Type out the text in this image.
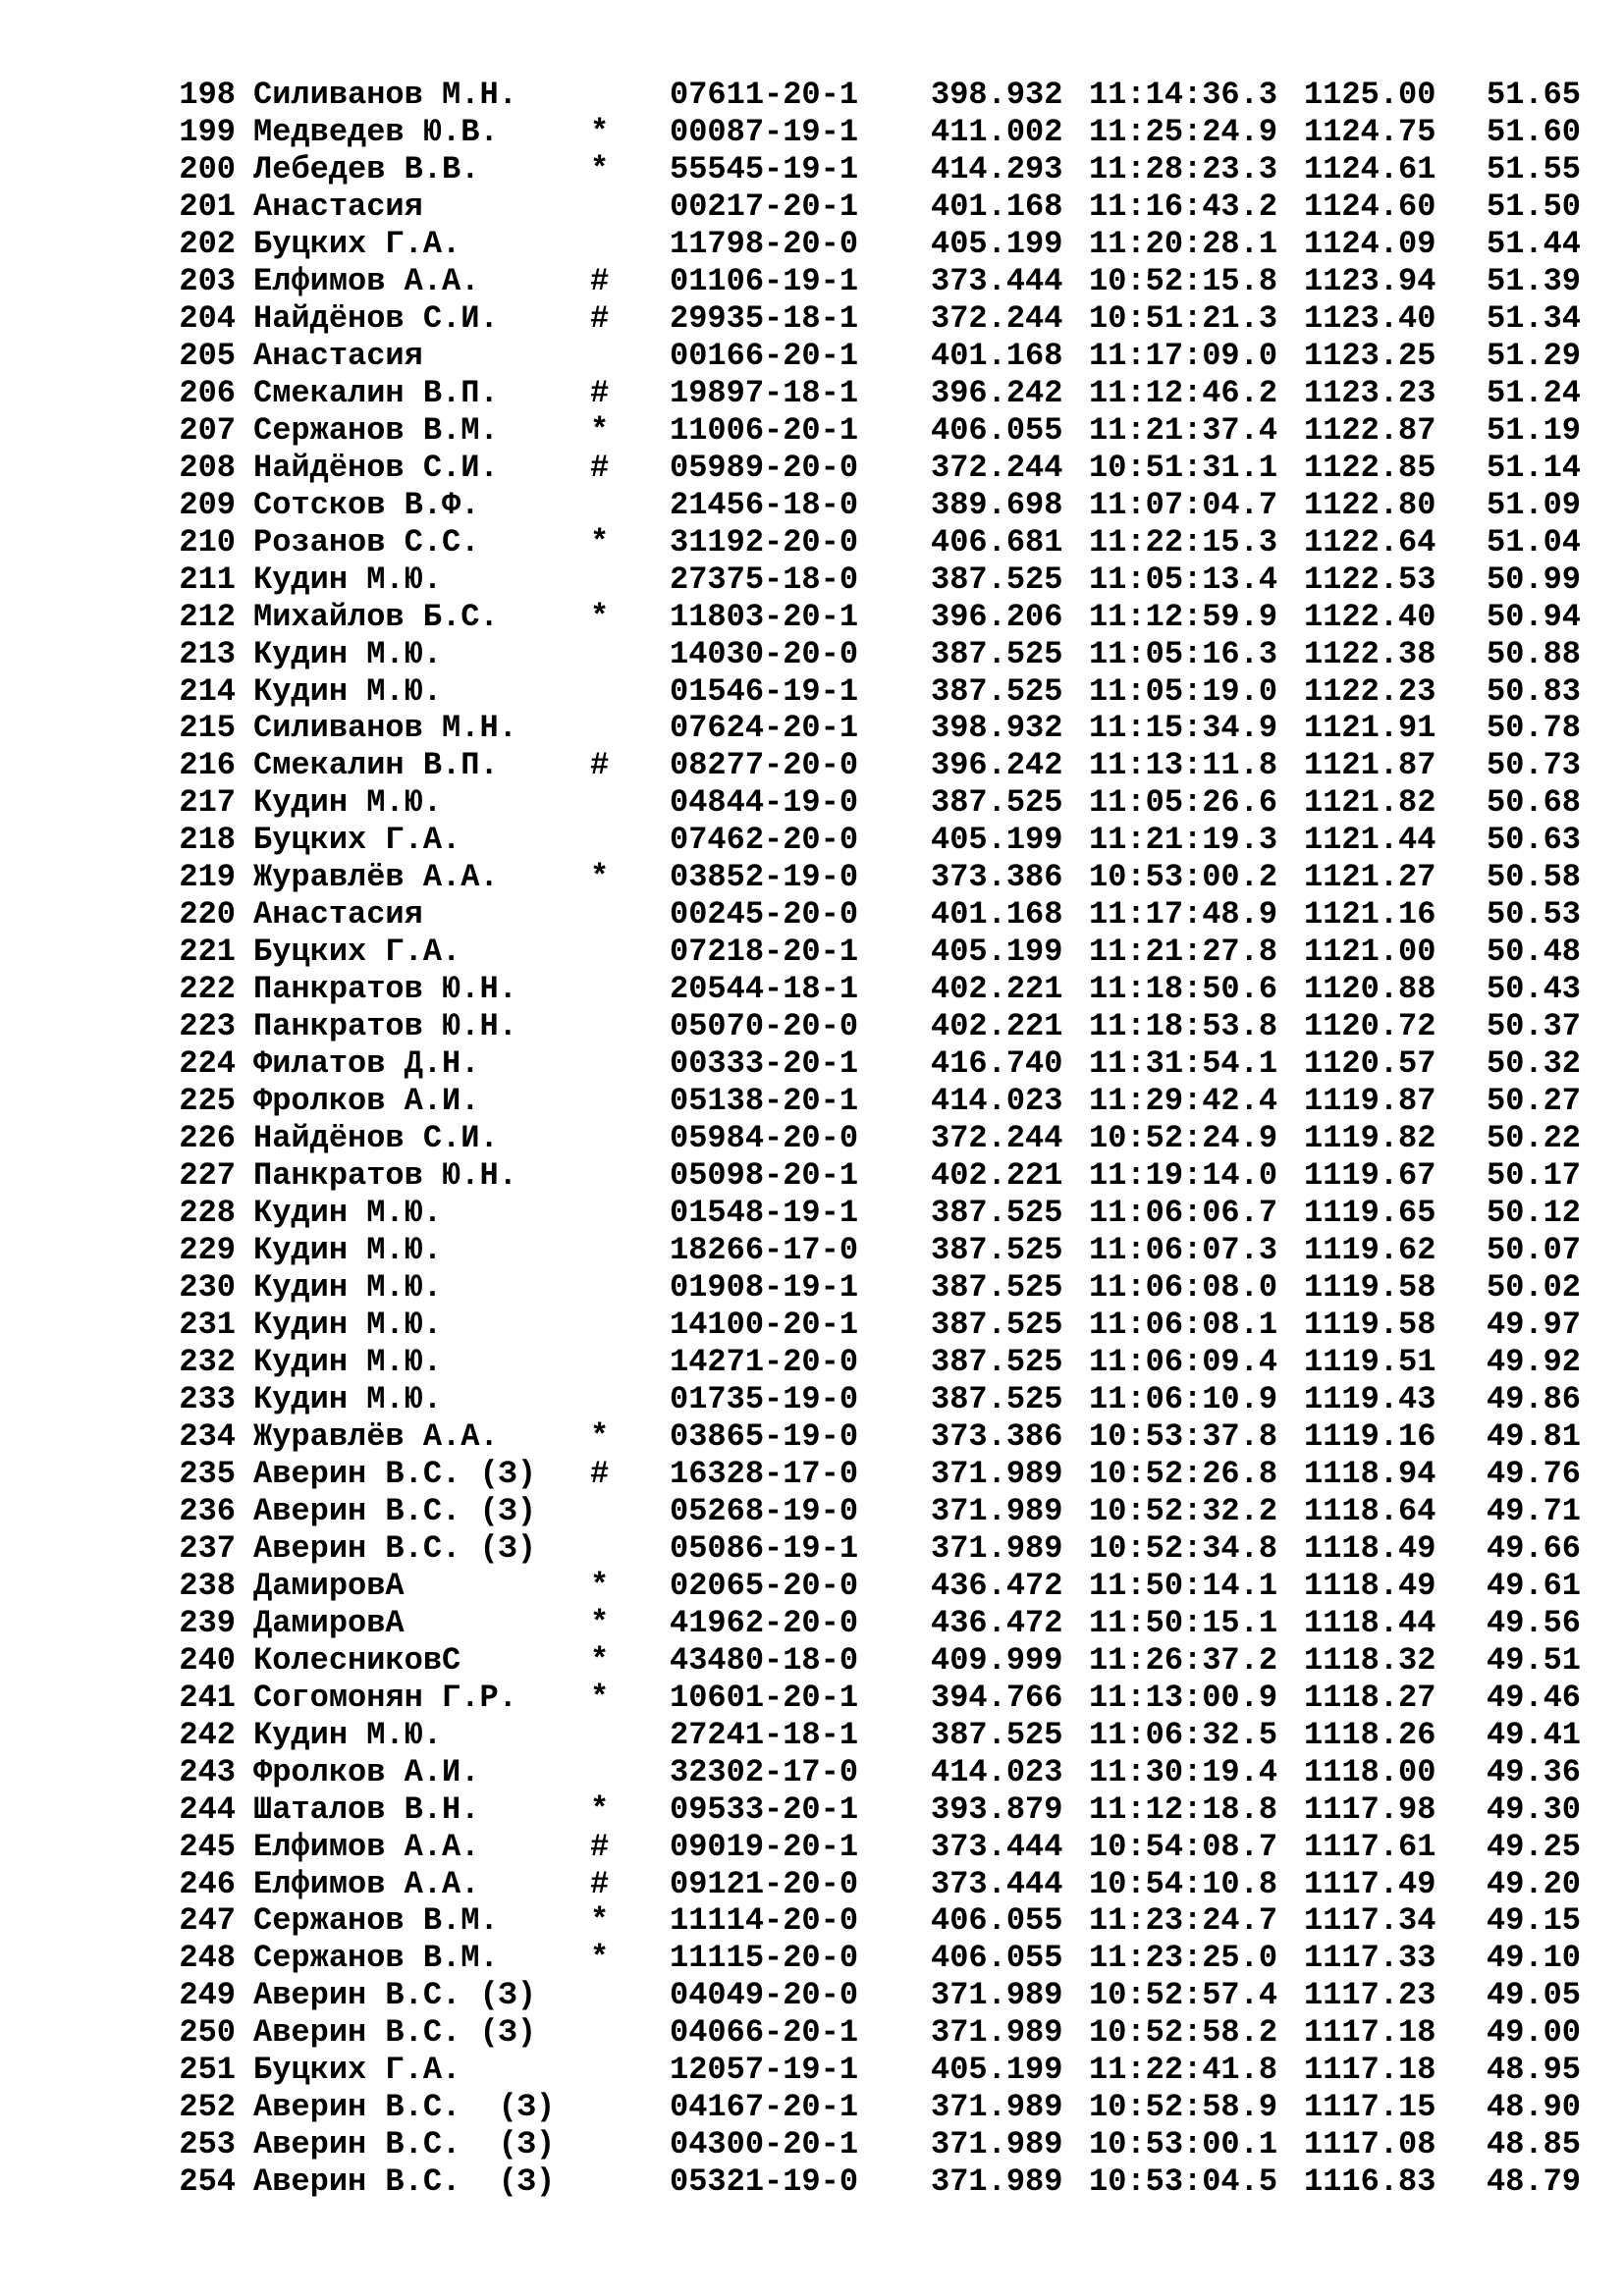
198 Силиванов М.Н.	07611-20-1 398.932 11:14:36.3 1125.00 51.65
199 Медведев Ю.В.	* 00087-19-1 411.002 11:25:24.9 1124.75 51.60
200 Лебедев В.В.	* 55545-19-1 414.293 11:28:23.3 1124.61 51.55
201 Анастасия	00217-20-1 401.168 11:16:43.2 1124.60 51.50
202 Буцких Г.А.	11798-20-0 405.199 11:20:28.1 1124.09 51.44
203 Елфимов А.А.	# 01106-19-1 373.444 10:52:15.8 1123.94 51.39
204 Найдёнов С.И.	# 29935-18-1 372.244 10:51:21.3 1123.40 51.34
205 Анастасия	00166-20-1 401.168 11:17:09.0 1123.25 51.29
206 Смекалин В.П.	# 19897-18-1 396.242 11:12:46.2 1123.23 51.24
207 Сержанов В.М.	* 11006-20-1 406.055 11:21:37.4 1122.87 51.19
208 Найдёнов С.И.	# 05989-20-0 372.244 10:51:31.1 1122.85 51.14
209 Сотсков В.Ф.	21456-18-0 389.698 11:07:04.7 1122.80 51.09
210 Розанов С.С.	* 31192-20-0 406.681 11:22:15.3 1122.64 51.04
211 Кудин М.Ю.	27375-18-0 387.525 11:05:13.4 1122.53 50.99
212 Михайлов Б.С.	* 11803-20-1 396.206 11:12:59.9 1122.40 50.94
213 Кудин М.Ю.	14030-20-0 387.525 11:05:16.3 1122.38 50.88
214 Кудин М.Ю.	01546-19-1 387.525 11:05:19.0 1122.23 50.83
215 Силиванов М.Н.	07624-20-1 398.932 11:15:34.9 1121.91 50.78
216 Смекалин В.П.	# 08277-20-0 396.242 11:13:11.8 1121.87 50.73
217 Кудин М.Ю.	04844-19-0 387.525 11:05:26.6 1121.82 50.68
218 Буцких Г.А.	07462-20-0 405.199 11:21:19.3 1121.44 50.63
219 Журавлёв А.А.	* 03852-19-0 373.386 10:53:00.2 1121.27 50.58
220 Анастасия	00245-20-0 401.168 11:17:48.9 1121.16 50.53
221 Буцких Г.А.	07218-20-1 405.199 11:21:27.8 1121.00 50.48
222 Панкратов Ю.Н.	20544-18-1 402.221 11:18:50.6 1120.88 50.43
223 Панкратов Ю.Н.	05070-20-0 402.221 11:18:53.8 1120.72 50.37
224 Филатов Д.Н.	00333-20-1 416.740 11:31:54.1 1120.57 50.32
225 Фролков А.И.	05138-20-1 414.023 11:29:42.4 1119.87 50.27
226 Найдёнов С.И.	05984-20-0 372.244 10:52:24.9 1119.82 50.22
227 Панкратов Ю.Н.	05098-20-1 402.221 11:19:14.0 1119.67 50.17
228 Кудин М.Ю.	01548-19-1 387.525 11:06:06.7 1119.65 50.12
229 Кудин М.Ю.	18266-17-0 387.525 11:06:07.3 1119.62 50.07
230 Кудин М.Ю.	01908-19-1 387.525 11:06:08.0 1119.58 50.02
231 Кудин М.Ю.	14100-20-1 387.525 11:06:08.1 1119.58 49.97
232 Кудин М.Ю.	14271-20-0 387.525 11:06:09.4 1119.51 49.92
233 Кудин М.Ю.	01735-19-0 387.525 11:06:10.9 1119.43 49.86
234 Журавлёв А.А.	* 03865-19-0 373.386 10:53:37.8 1119.16 49.81
235 Аверин В.С. (З) # 16328-17-0 371.989 10:52:26.8 1118.94 49.76
236 Аверин В.С. (З)	05268-19-0 371.989 10:52:32.2 1118.64 49.71
237 Аверин В.С. (З)	05086-19-1 371.989 10:52:34.8 1118.49 49.66
238 ДамировА	* 02065-20-0 436.472 11:50:14.1 1118.49 49.61
239 ДамировА	* 41962-20-0 436.472 11:50:15.1 1118.44 49.56
240 КолесниковС	* 43480-18-0 409.999 11:26:37.2 1118.32 49.51
241 Согомонян Г.Р. * 10601-20-1 394.766 11:13:00.9 1118.27 49.46
242 Кудин М.Ю.	27241-18-1 387.525 11:06:32.5 1118.26 49.41
243 Фролков А.И.	32302-17-0 414.023 11:30:19.4 1118.00 49.36
244 Шаталов В.Н.	* 09533-20-1 393.879 11:12:18.8 1117.98 49.30
245 Елфимов А.А.	# 09019-20-1 373.444 10:54:08.7 1117.61 49.25
246 Елфимов А.А.	# 09121-20-0 373.444 10:54:10.8 1117.49 49.20
247 Сержанов В.М.	* 11114-20-0 406.055 11:23:24.7 1117.34 49.15
248 Сержанов В.М.	* 11115-20-0 406.055 11:23:25.0 1117.33 49.10
249 Аверин В.С. (З)	04049-20-0 371.989 10:52:57.4 1117.23 49.05
250 Аверин В.С. (З)	04066-20-1 371.989 10:52:58.2 1117.18 49.00
251 Буцких Г.А.	12057-19-1 405.199 11:22:41.8 1117.18 48.95
252 Аверин В.С.  (З)	04167-20-1 371.989 10:52:58.9 1117.15 48.90
253 Аверин В.С.  (З)	04300-20-1 371.989 10:53:00.1 1117.08 48.85
254 Аверин В.С.  (З)	05321-19-0 371.989 10:53:04.5 1116.83 48.79
